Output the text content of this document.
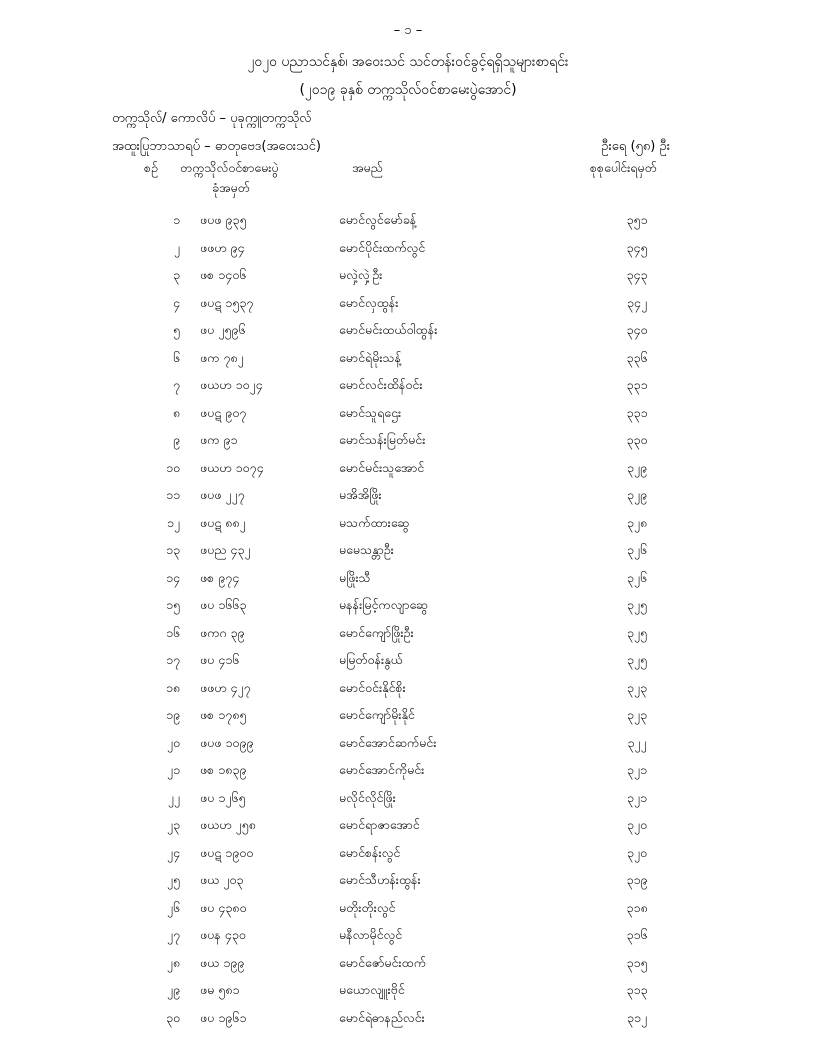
– ၁ –
၂၀၂၀ ပညာသင်နှစ်၊ အဝေးသင် သင်တန်းဝင်ခွင့်ရရှိသူများစာရင်း
(၂၀၁၉ ခုနှစ် တက္ကသိုလ်ဝင်စာမေးပွဲအောင်)
တက္ကသိုလ်/ ကောလိပ် – ပုခုက္ကူတက္ကသိုလ်
အထူးပြုဘာသာရပ် – ဓာတုဗေဒ(အဝေးသင်)	ဦးရေ (၅၈) ဦး
စဉ် တက္ကသိုလ်ဝင်စာမေးပွဲ
ခုံအမှတ်
အမည်	စုစုပေါင်းရမှတ်
၁ ဖပဖ ၉၃၅	မောင်လွင်မော်ခန့်	၃၅၁
၂ ဖဖဟ ၉၄	မောင်ပိုင်းထက်လွင်	၃၄၅
၃ ဖစ ၁၄၀၆	မလှဲ့လှဲ့ဦး	၃၄၃
၄ ဖပဋ ၁၅၃၇	မောင်လှထွန်း	၃၄၂
၅ ဖပ ၂၅၉၆	မောင်မင်းထယ်ဝါထွန်း	၃၄၀
၆ ဖက ၇၈၂	မောင်ရဲမိုးသန့်	၃၃၆
၇ ဖယဟ ၁၀၂၄	မောင်လင်းထိန်ဝင်း	၃၃၁
၈ ဖပဋ ၉၀၇	မောင်သူရဌေး	၃၃၁
၉ ဖက ၉၁	မောင်သန်းမြတ်မင်း	၃၃၀
၁၀ ဖယဟ ၁၀၇၄	မောင်မင်းသူအောင်	၃၂၉
၁၁ ဖပဖ ၂၂၇	မအိအိဖြိုး	၃၂၉
၁၂ ဖပဋ ၈၈၂	မသက်ထားဆွေ	၃၂၈
၁၃ ဖပည ၄၃၂	မမေသန္တာဦး	၃၂၆
၁၄ ဖစ ၉၇၄	မဖြိုးသီ	၃၂၆
၁၅ ဖပ ၁၆၆၃	မနန်းမြင့်ကလျာဆွေ	၃၂၅
၁၆ ဖကဂ ၃၉	မောင်ကျော်ဖြိုးဦး	၃၂၅
၁၇ ဖပ ၄၁၆	မမြတ်ဝန်းနွယ်	၃၂၅
၁၈ ဖဖဟ ၄၂၇	မောင်ဝင်းနိုင်စိုး	၃၂၃
၁၉ ဖစ ၁၇၈၅	မောင်ကျော်မိုးနိုင်	၃၂၃
၂၀ ဖပဖ ၁၀၉၉	မောင်အောင်ဆက်မင်း	၃၂၂
၂၁ ဖစ ၁၈၃၉	မောင်အောင်ကိုမင်း	၃၂၁
၂၂ ဖပ ၁၂၆၅	မလိုင်လိုင်ဖြိုး	၃၂၁
၂၃ ဖယဟ ၂၅၈	မောင်ရာဇာအောင်	၃၂၀
၂၄ ဖပဋ ၁၉၀၀	မောင်စန်းလွင်	၃၂၀
၂၅ ဖယ ၂၀၃	မောင်သီဟန်းထွန်း	၃၁၉
၂၆ ဖပ ၄၃၈၀	မတိုးတိုးလွင်	၃၁၈
၂၇ ဖပန ၄၃၀	မနီလာမိုင်လွင်	၃၁၆
၂၈ ဖယ ၁၉၉	မောင်ဇော်မင်းထက်	၃၁၅
၂၉ ဖမ ၅၈၁	မယောလျူးဗိုင်	၃၁၃
၃၀ ဖပ ၁၉၆၁	မောင်ရဲဓာနည်လင်း	၃၁၂
